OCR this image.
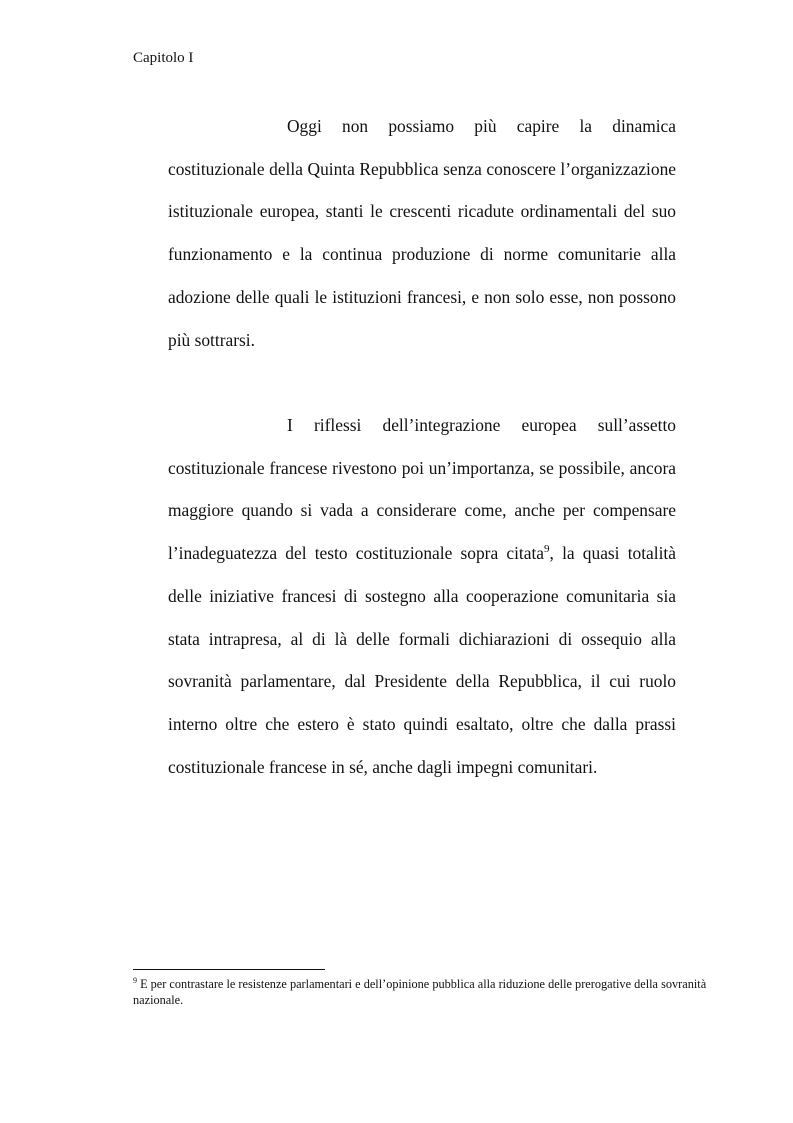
Capitolo I

Oggi non possiamo più capire la dinamica costituzionale della Quinta Repubblica senza conoscere l’organizzazione istituzionale europea, stanti le crescenti ricadute ordinamentali del suo funzionamento e la continua produzione di norme comunitarie alla adozione delle quali le istituzioni francesi, e non solo esse, non possono più sottrarsi.

I riflessi dell’integrazione europea sull’assetto costituzionale francese rivestono poi un’importanza, se possibile, ancora maggiore quando si vada a considerare come, anche per compensare l’inadeguatezza del testo costituzionale sopra citata$^9$, la quasi totalità delle iniziative francesi di sostegno alla cooperazione comunitaria sia stata intrapresa, al di là delle formali dichiarazioni di ossequio alla sovranità parlamentare, dal Presidente della Repubblica, il cui ruolo interno oltre che estero è stato quindi esaltato, oltre che dalla prassi costituzionale francese in sé, anche dagli impegni comunitari.

$^9$ E per contrastare le resistenze parlamentari e dell’opinione pubblica alla riduzione delle prerogative della sovranità nazionale.
